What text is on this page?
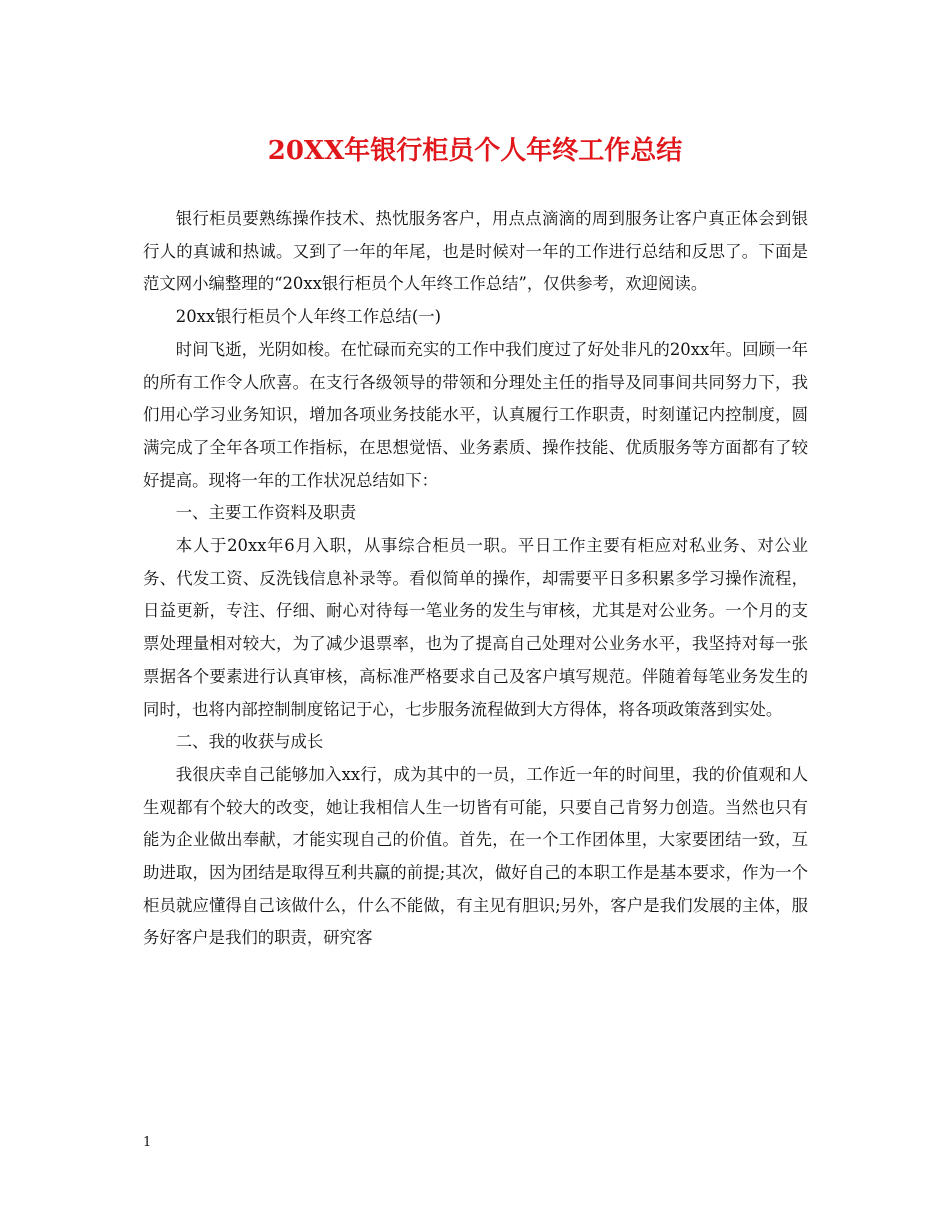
20XX年银行柜员个人年终工作总结

银行柜员要熟练操作技术、热忱服务客户，用点点滴滴的周到服务让客户真正体会到银行人的真诚和热诚。又到了一年的年尾，也是时候对一年的工作进行总结和反思了。下面是范文网小编整理的“20xx银行柜员个人年终工作总结”，仅供参考，欢迎阅读。

20xx银行柜员个人年终工作总结(一)

时间飞逝，光阴如梭。在忙碌而充实的工作中我们度过了好处非凡的20xx年。回顾一年的所有工作令人欣喜。在支行各级领导的带领和分理处主任的指导及同事间共同努力下，我们用心学习业务知识，增加各项业务技能水平，认真履行工作职责，时刻谨记内控制度，圆满完成了全年各项工作指标，在思想觉悟、业务素质、操作技能、优质服务等方面都有了较好提高。现将一年的工作状况总结如下：

一、主要工作资料及职责

本人于20xx年6月入职，从事综合柜员一职。平日工作主要有柜应对私业务、对公业务、代发工资、反洗钱信息补录等。看似简单的操作，却需要平日多积累多学习操作流程，日益更新，专注、仔细、耐心对待每一笔业务的发生与审核，尤其是对公业务。一个月的支票处理量相对较大，为了减少退票率，也为了提高自己处理对公业务水平，我坚持对每一张票据各个要素进行认真审核，高标准严格要求自己及客户填写规范。伴随着每笔业务发生的同时，也将内部控制制度铭记于心，七步服务流程做到大方得体，将各项政策落到实处。

二、我的收获与成长

我很庆幸自己能够加入xx行，成为其中的一员，工作近一年的时间里，我的价值观和人生观都有个较大的改变，她让我相信人生一切皆有可能，只要自己肯努力创造。当然也只有能为企业做出奉献，才能实现自己的价值。首先，在一个工作团体里，大家要团结一致，互助进取，因为团结是取得互利共赢的前提;其次，做好自己的本职工作是基本要求，作为一个柜员就应懂得自己该做什么，什么不能做，有主见有胆识;另外，客户是我们发展的主体，服务好客户是我们的职责，研究客

1
